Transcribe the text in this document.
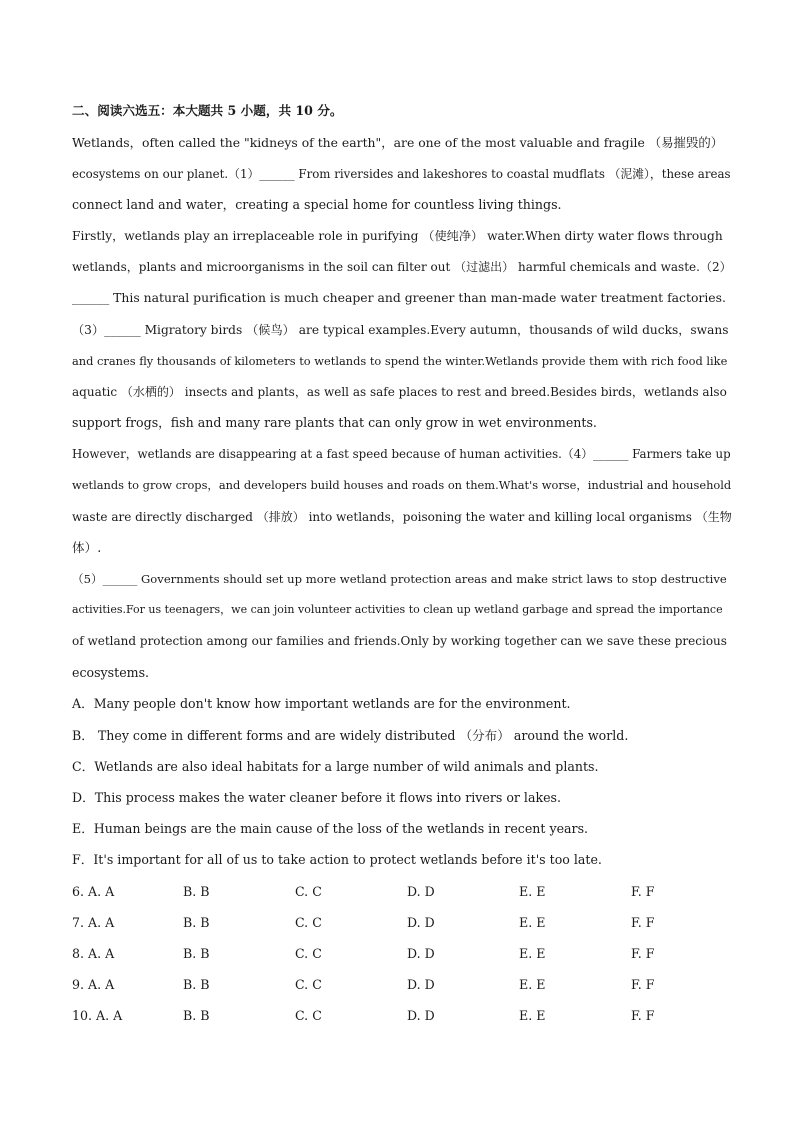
二、阅读六选五：本大题共 5 小题，共 10 分。
Wetlands，often called the "kidneys of the earth"，are one of the most valuable and fragile （易摧毁的）
ecosystems on our planet.（1）______ From riversides and lakeshores to coastal mudflats （泥滩），these areas
connect land and water，creating a special home for countless living things.
Firstly，wetlands play an irreplaceable role in purifying （使纯净） water.When dirty water flows through
wetlands，plants and microorganisms in the soil can filter out （过滤出） harmful chemicals and waste.（2）
______ This natural purification is much cheaper and greener than man-made water treatment factories.
（3）______ Migratory birds （候鸟） are typical examples.Every autumn，thousands of wild ducks，swans
and cranes fly thousands of kilometers to wetlands to spend the winter.Wetlands provide them with rich food like
aquatic （水栖的） insects and plants，as well as safe places to rest and breed.Besides birds，wetlands also
support frogs，fish and many rare plants that can only grow in wet environments.
However，wetlands are disappearing at a fast speed because of human activities.（4）______ Farmers take up
wetlands to grow crops，and developers build houses and roads on them.What's worse，industrial and household
waste are directly discharged （排放） into wetlands，poisoning the water and killing local organisms （生物
体）.
（5）______ Governments should set up more wetland protection areas and make strict laws to stop destructive
activities.For us teenagers，we can join volunteer activities to clean up wetland garbage and spread the importance
of wetland protection among our families and friends.Only by working together can we save these precious
ecosystems.
A．Many people don't know how important wetlands are for the environment.
B． They come in different forms and are widely distributed （分布） around the world.
C．Wetlands are also ideal habitats for a large number of wild animals and plants.
D．This process makes the water cleaner before it flows into rivers or lakes.
E．Human beings are the main cause of the loss of the wetlands in recent years.
F．It's important for all of us to take action to protect wetlands before it's too late.
6. A. A	B. B	C. C	D. D	E. E	F. F
7. A. A	B. B	C. C	D. D	E. E	F. F
8. A. A	B. B	C. C	D. D	E. E	F. F
9. A. A	B. B	C. C	D. D	E. E	F. F
10. A. A	B. B	C. C	D. D	E. E	F. F
